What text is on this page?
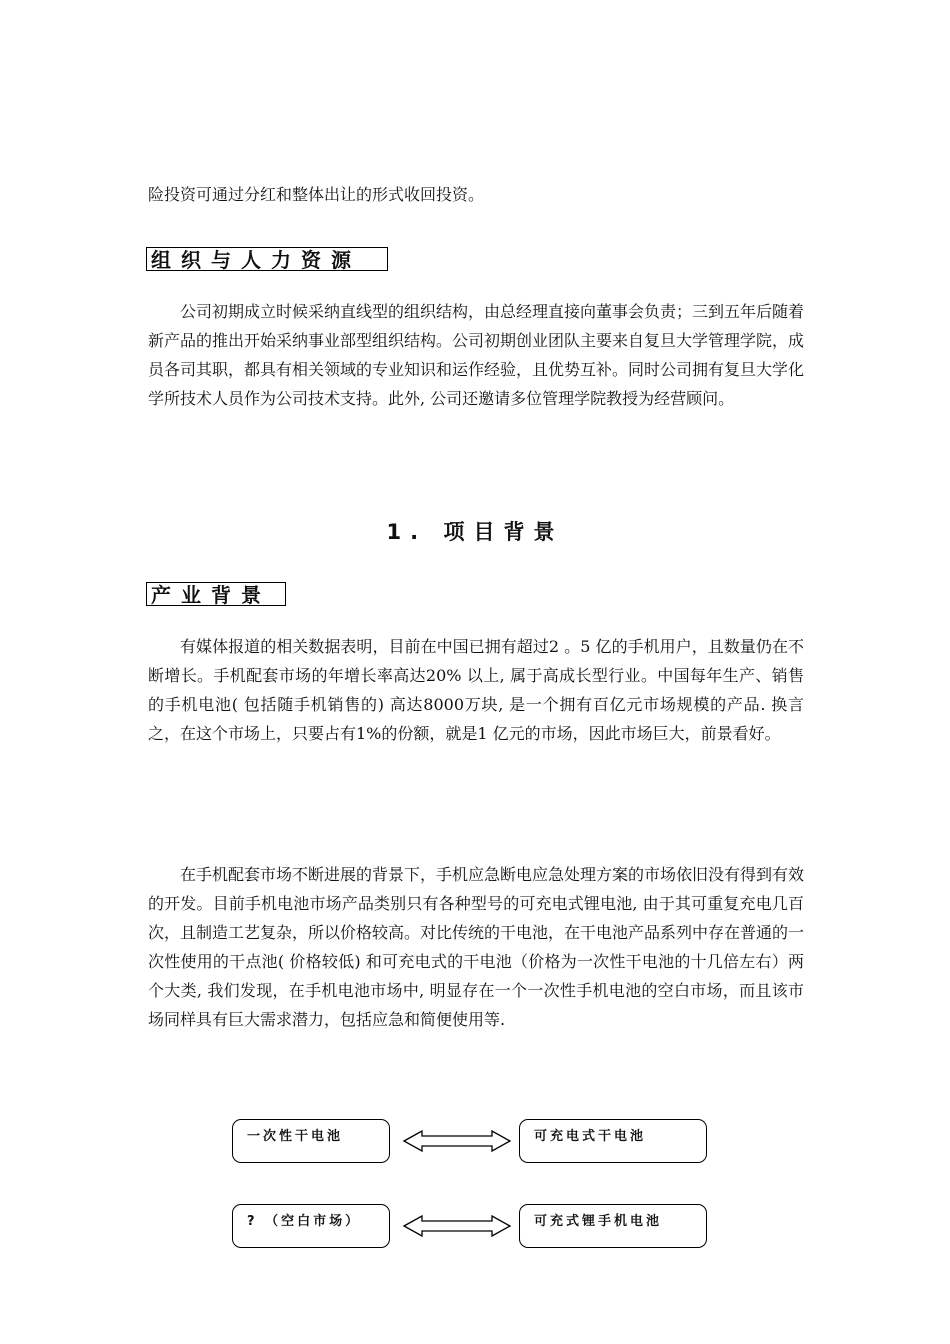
险投资可通过分红和整体出让的形式收回投资。

组织与人力资源

公司初期成立时候采纳直线型的组织结构，由总经理直接向董事会负责；三到五年后随着新产品的推出开始采纳事业部型组织结构。公司初期创业团队主要来自复旦大学管理学院，成员各司其职，都具有相关领域的专业知识和运作经验，且优势互补。同时公司拥有复旦大学化学所技术人员作为公司技术支持。此外, 公司还邀请多位管理学院教授为经营顾问。

1. 项目背景
产业背景

有媒体报道的相关数据表明，目前在中国已拥有超过2 。5 亿的手机用户，且数量仍在不断增长。手机配套市场的年增长率高达20% 以上, 属于高成长型行业。中国每年生产、销售的手机电池( 包括随手机销售的) 高达8000万块, 是一个拥有百亿元市场规模的产品. 换言之，在这个市场上，只要占有1%的份额，就是1 亿元的市场，因此市场巨大，前景看好。

在手机配套市场不断进展的背景下，手机应急断电应急处理方案的市场依旧没有得到有效的开发。目前手机电池市场产品类别只有各种型号的可充电式锂电池, 由于其可重复充电几百次，且制造工艺复杂，所以价格较高。对比传统的干电池，在干电池产品系列中存在普通的一次性使用的干点池( 价格较低) 和可充电式的干电池（价格为一次性干电池的十几倍左右）两个大类, 我们发现，在手机电池市场中, 明显存在一个一次性手机电池的空白市场，而且该市场同样具有巨大需求潜力，包括应急和简便使用等.

一次性干电池	可充电式干电池
? （空白市场）	可充式锂手机电池
